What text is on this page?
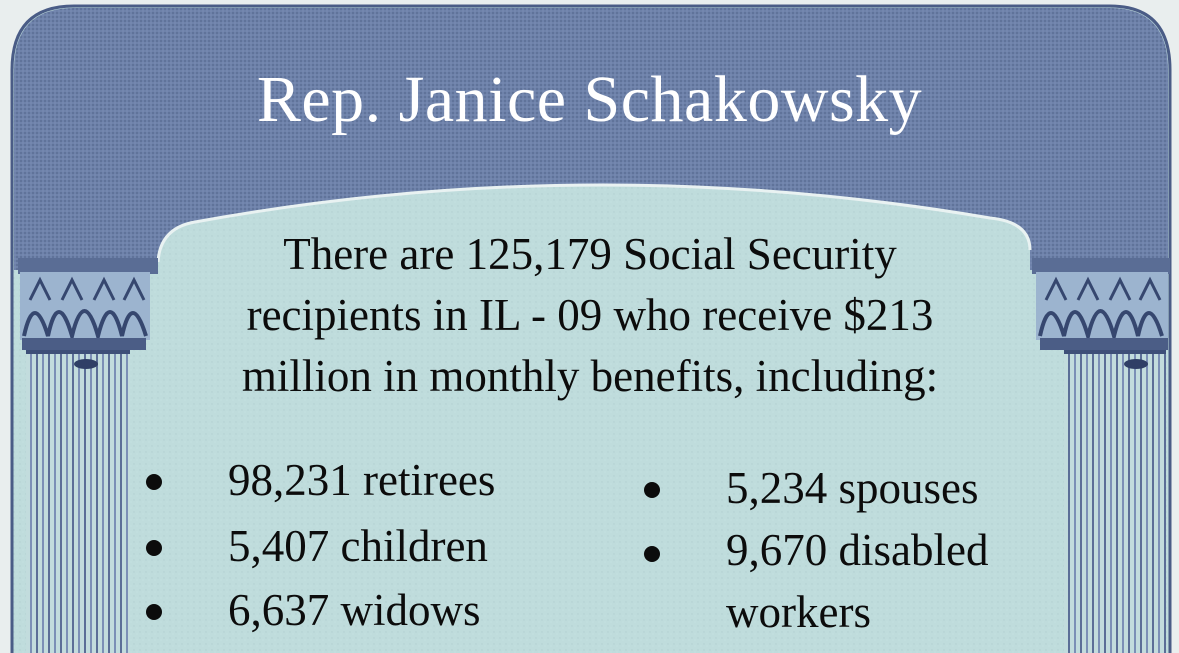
Rep. Janice Schakowsky
There are 125,179 Social Security
recipients in IL - 09 who receive $213
million in monthly benefits, including:
98,231 retirees
5,407 children
6,637 widows
5,234 spouses
9,670 disabled
workers
